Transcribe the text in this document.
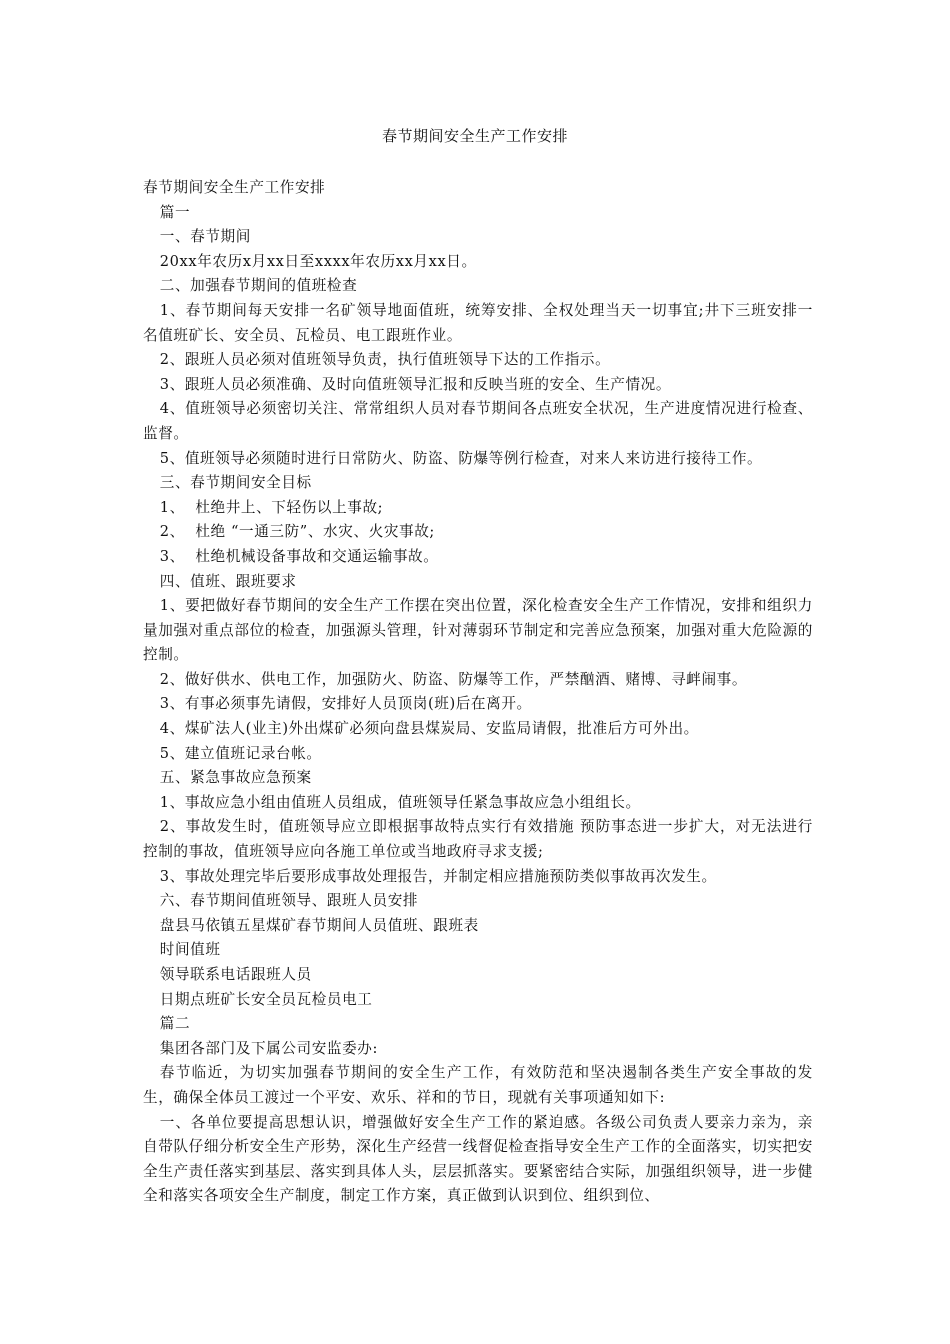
春节期间安全生产工作安排

春节期间安全生产工作安排

篇一

一、春节期间

20xx年农历x月xx日至xxxx年农历xx月xx日。

二、加强春节期间的值班检查

1、春节期间每天安排一名矿领导地面值班，统筹安排、全权处理当天一切事宜;井下三班安排一名值班矿长、安全员、瓦检员、电工跟班作业。

2、跟班人员必须对值班领导负责，执行值班领导下达的工作指示。

3、跟班人员必须准确、及时向值班领导汇报和反映当班的安全、生产情况。

4、值班领导必须密切关注、常常组织人员对春节期间各点班安全状况，生产进度情况进行检查、监督。

5、值班领导必须随时进行日常防火、防盗、防爆等例行检查，对来人来访进行接待工作。

三、春节期间安全目标

1、  杜绝井上、下轻伤以上事故;

2、  杜绝 “一通三防”、水灾、火灾事故;

3、  杜绝机械设备事故和交通运输事故。

四、值班、跟班要求

1、要把做好春节期间的安全生产工作摆在突出位置，深化检查安全生产工作情况，安排和组织力量加强对重点部位的检查，加强源头管理，针对薄弱环节制定和完善应急预案，加强对重大危险源的控制。

2、做好供水、供电工作，加强防火、防盗、防爆等工作，严禁酗酒、赌博、寻衅闹事。

3、有事必须事先请假，安排好人员顶岗(班)后在离开。

4、煤矿法人(业主)外出煤矿必须向盘县煤炭局、安监局请假，批准后方可外出。

5、建立值班记录台帐。

五、紧急事故应急预案

1、事故应急小组由值班人员组成，值班领导任紧急事故应急小组组长。

2、事故发生时，值班领导应立即根据事故特点实行有效措施 预防事态进一步扩大，对无法进行控制的事故，值班领导应向各施工单位或当地政府寻求支援;

3、事故处理完毕后要形成事故处理报告，并制定相应措施预防类似事故再次发生。

六、春节期间值班领导、跟班人员安排

盘县马依镇五星煤矿春节期间人员值班、跟班表

时间值班

领导联系电话跟班人员

日期点班矿长安全员瓦检员电工

篇二

集团各部门及下属公司安监委办:

春节临近，为切实加强春节期间的安全生产工作，有效防范和坚决遏制各类生产安全事故的发生，确保全体员工渡过一个平安、欢乐、祥和的节日，现就有关事项通知如下:

一、各单位要提高思想认识，增强做好安全生产工作的紧迫感。各级公司负责人要亲力亲为，亲自带队仔细分析安全生产形势，深化生产经营一线督促检查指导安全生产工作的全面落实，切实把安全生产责任落实到基层、落实到具体人头，层层抓落实。要紧密结合实际，加强组织领导，进一步健全和落实各项安全生产制度，制定工作方案，真正做到认识到位、组织到位、
